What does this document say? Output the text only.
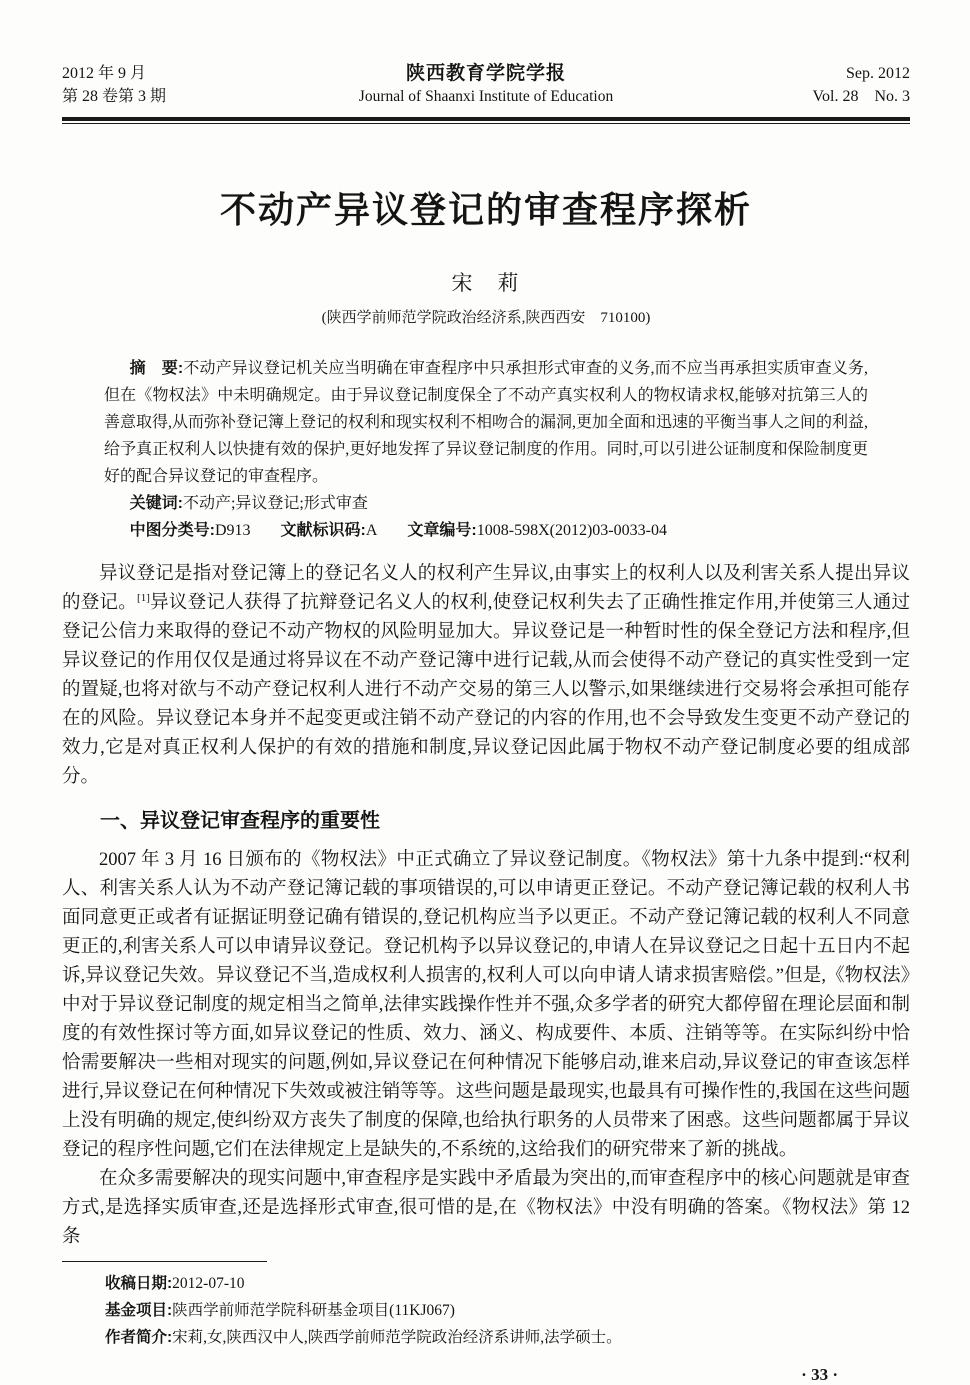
2012 年 9 月
第 28 卷第 3 期
陕西教育学院学报
Journal of Shaanxi Institute of Education
Sep. 2012
Vol. 28　No. 3
不动产异议登记的审查程序探析
宋　莉
(陕西学前师范学院政治经济系,陕西西安　710100)

摘　要:不动产异议登记机关应当明确在审查程序中只承担形式审查的义务,而不应当再承担实质审查义务,但在《物权法》中未明确规定。由于异议登记制度保全了不动产真实权利人的物权请求权,能够对抗第三人的善意取得,从而弥补登记簿上登记的权利和现实权利不相吻合的漏洞,更加全面和迅速的平衡当事人之间的利益,给予真正权利人以快捷有效的保护,更好地发挥了异议登记制度的作用。同时,可以引进公证制度和保险制度更好的配合异议登记的审查程序。

关键词:不动产;异议登记;形式审查

中图分类号:D913 文献标识码:A 文章编号:1008-598X(2012)03-0033-04

异议登记是指对登记簿上的登记名义人的权利产生异议,由事实上的权利人以及利害关系人提出异议的登记。[1]异议登记人获得了抗辩登记名义人的权利,使登记权利失去了正确性推定作用,并使第三人通过登记公信力来取得的登记不动产物权的风险明显加大。异议登记是一种暂时性的保全登记方法和程序,但异议登记的作用仅仅是通过将异议在不动产登记簿中进行记载,从而会使得不动产登记的真实性受到一定的置疑,也将对欲与不动产登记权利人进行不动产交易的第三人以警示,如果继续进行交易将会承担可能存在的风险。异议登记本身并不起变更或注销不动产登记的内容的作用,也不会导致发生变更不动产登记的效力,它是对真正权利人保护的有效的措施和制度,异议登记因此属于物权不动产登记制度必要的组成部分。

一、异议登记审查程序的重要性

2007 年 3 月 16 日颁布的《物权法》中正式确立了异议登记制度。《物权法》第十九条中提到:“权利人、利害关系人认为不动产登记簿记载的事项错误的,可以申请更正登记。不动产登记簿记载的权利人书面同意更正或者有证据证明登记确有错误的,登记机构应当予以更正。不动产登记簿记载的权利人不同意更正的,利害关系人可以申请异议登记。登记机构予以异议登记的,申请人在异议登记之日起十五日内不起诉,异议登记失效。异议登记不当,造成权利人损害的,权利人可以向申请人请求损害赔偿。”但是,《物权法》中对于异议登记制度的规定相当之简单,法律实践操作性并不强,众多学者的研究大都停留在理论层面和制度的有效性探讨等方面,如异议登记的性质、效力、涵义、构成要件、本质、注销等等。在实际纠纷中恰恰需要解决一些相对现实的问题,例如,异议登记在何种情况下能够启动,谁来启动,异议登记的审查该怎样进行,异议登记在何种情况下失效或被注销等等。这些问题是最现实,也最具有可操作性的,我国在这些问题上没有明确的规定,使纠纷双方丧失了制度的保障,也给执行职务的人员带来了困惑。这些问题都属于异议登记的程序性问题,它们在法律规定上是缺失的,不系统的,这给我们的研究带来了新的挑战。

在众多需要解决的现实问题中,审查程序是实践中矛盾最为突出的,而审查程序中的核心问题就是审查方式,是选择实质审查,还是选择形式审查,很可惜的是,在《物权法》中没有明确的答案。《物权法》第 12 条

收稿日期:2012-07-10
基金项目:陕西学前师范学院科研基金项目(11KJ067)
作者简介:宋莉,女,陕西汉中人,陕西学前师范学院政治经济系讲师,法学硕士。
· 33 ·
